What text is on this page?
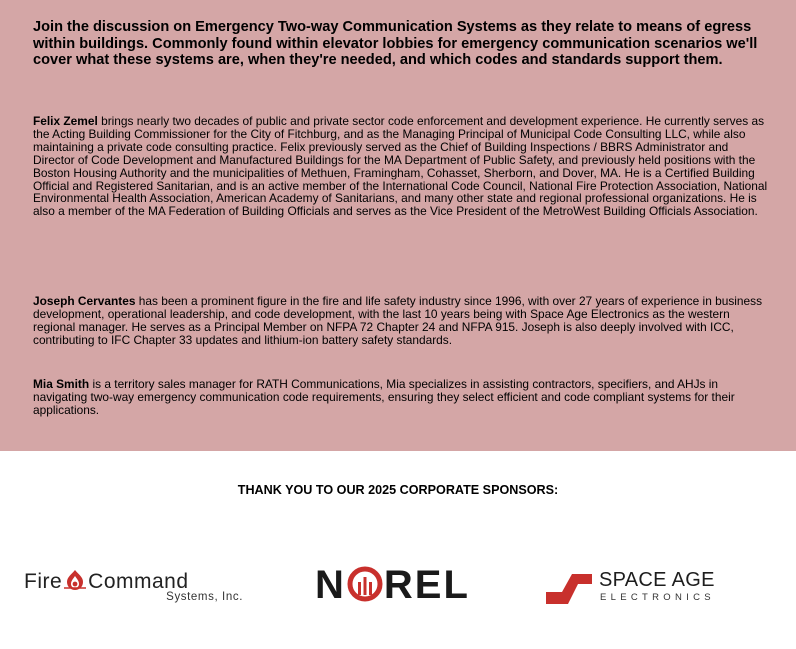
Join the discussion on Emergency Two-way Communication Systems as they relate to means of egress within buildings. Commonly found within elevator lobbies for emergency communication scenarios we'll cover what these systems are, when they're needed, and which codes and standards support them.

Felix Zemel brings nearly two decades of public and private sector code enforcement and development experience. He currently serves as the Acting Building Commissioner for the City of Fitchburg, and as the Managing Principal of Municipal Code Consulting LLC, while also maintaining a private code consulting practice. Felix previously served as the Chief of Building Inspections / BBRS Administrator and Director of Code Development and Manufactured Buildings for the MA Department of Public Safety, and previously held positions with the Boston Housing Authority and the municipalities of Methuen, Framingham, Cohasset, Sherborn, and Dover, MA. He is a Certified Building Official and Registered Sanitarian, and is an active member of the International Code Council, National Fire Protection Association, National Environmental Health Association, American Academy of Sanitarians, and many other state and regional professional organizations. He is also a member of the MA Federation of Building Officials and serves as the Vice President of the MetroWest Building Officials Association.

Joseph Cervantes has been a prominent figure in the fire and life safety industry since 1996, with over 27 years of experience in business development, operational leadership, and code development, with the last 10 years being with Space Age Electronics as the western regional manager. He serves as a Principal Member on NFPA 72 Chapter 24 and NFPA 915. Joseph is also deeply involved with ICC, contributing to IFC Chapter 33 updates and lithium-ion battery safety standards.

Mia Smith is a territory sales manager for RATH Communications, Mia specializes in assisting contractors, specifiers, and AHJs in navigating two-way emergency communication code requirements, ensuring they select efficient and code compliant systems for their applications.

THANK YOU TO OUR 2025 CORPORATE SPONSORS:

Fire Command
Systems, Inc. N REL	SPACE AGE
ELECTRONICS
